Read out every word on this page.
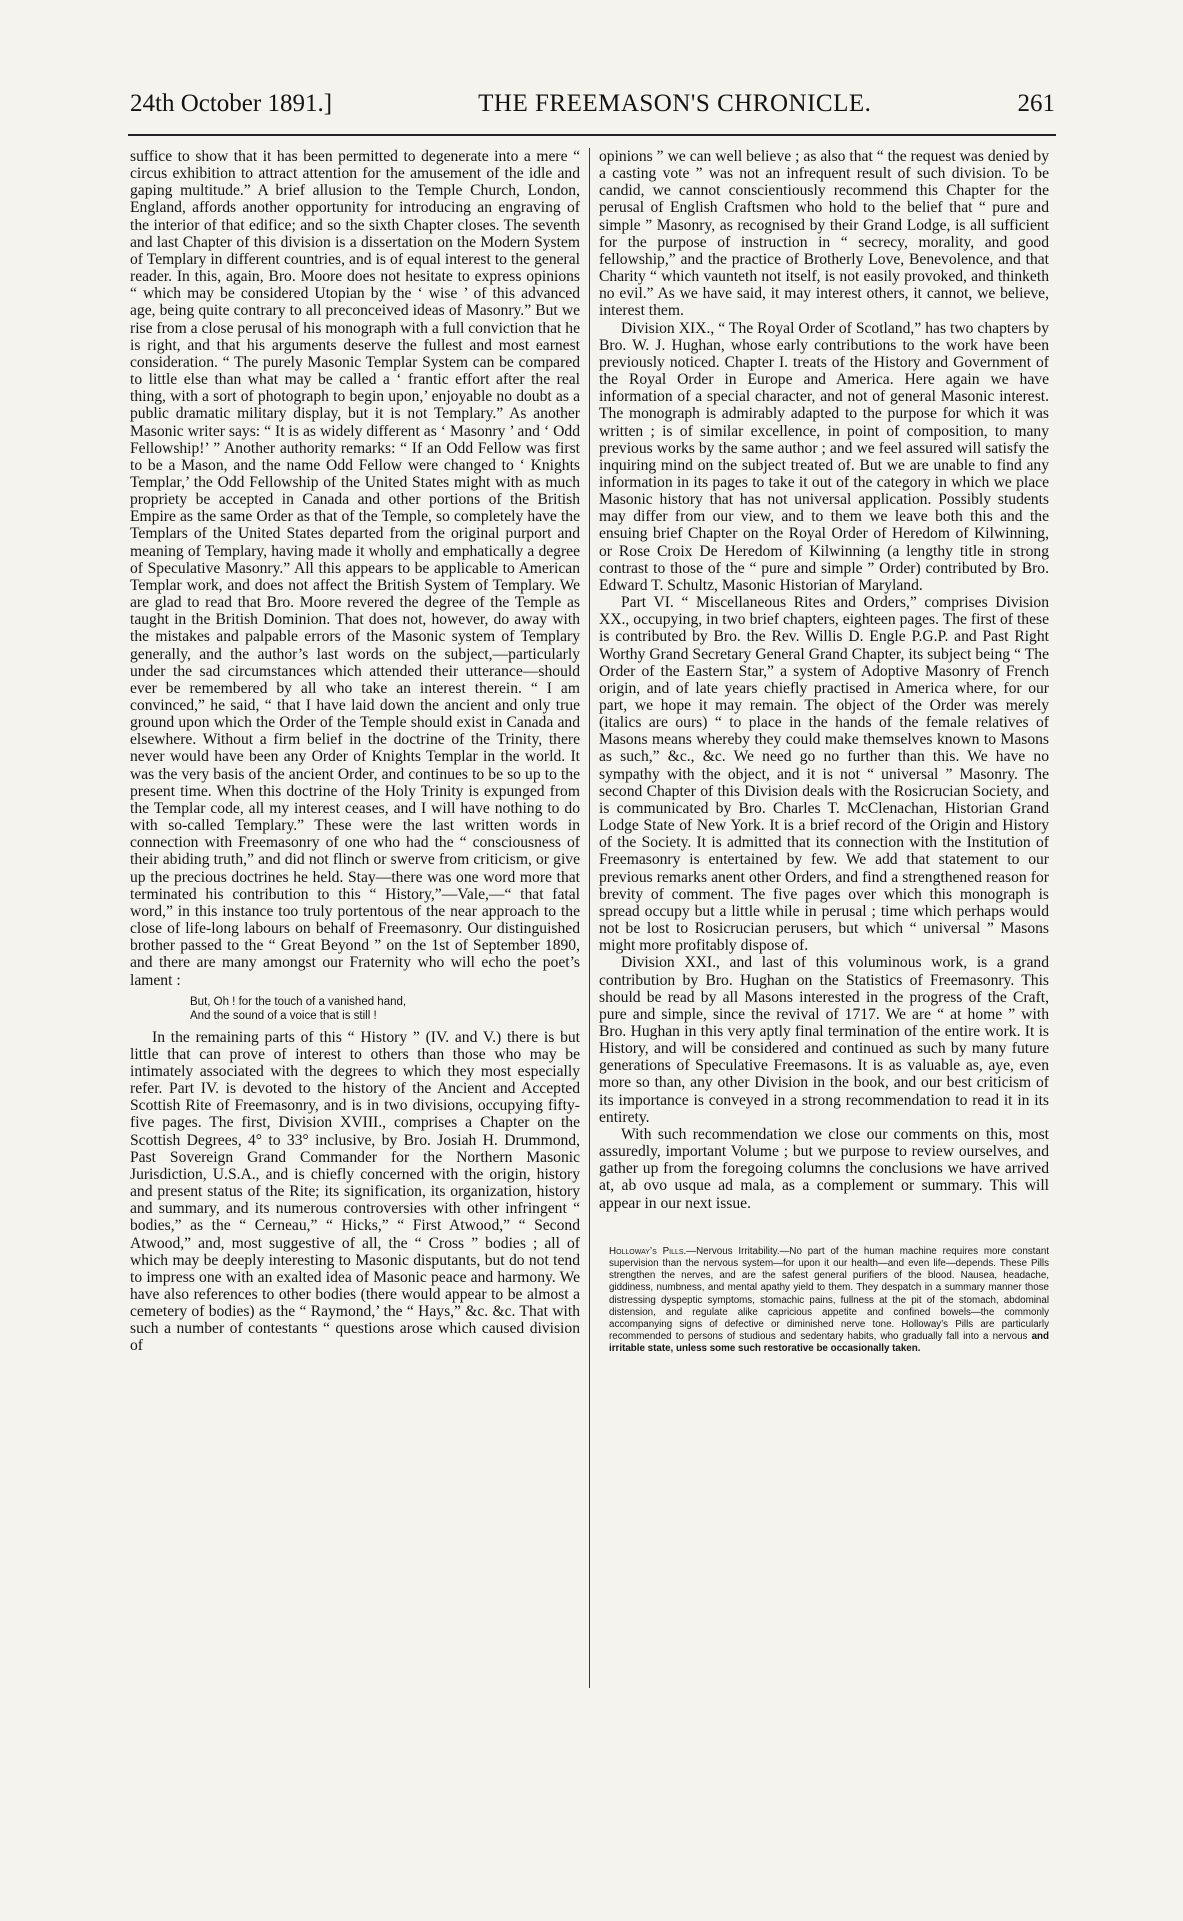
24th October 1891.]	THE FREEMASON'S CHRONICLE.	261

suffice to show that it has been permitted to degenerate into a mere “ circus exhibition to attract attention for the amusement of the idle and gaping multitude.” A brief allusion to the Temple Church, London, England, affords another opportunity for introducing an engraving of the interior of that edifice; and so the sixth Chapter closes. The seventh and last Chapter of this division is a dissertation on the Modern System of Templary in different countries, and is of equal interest to the general reader. In this, again, Bro. Moore does not hesitate to express opinions “ which may be considered Utopian by the ‘ wise ’ of this advanced age, being quite contrary to all preconceived ideas of Masonry.” But we rise from a close perusal of his monograph with a full conviction that he is right, and that his arguments deserve the fullest and most earnest consideration. “ The purely Masonic Templar System can be compared to little else than what may be called a ‘ frantic effort after the real thing, with a sort of photograph to begin upon,’ enjoyable no doubt as a public dramatic military display, but it is not Templary.” As another Masonic writer says: “ It is as widely different as ‘ Masonry ’ and ‘ Odd Fellowship!’ ” Another authority remarks: “ If an Odd Fellow was first to be a Mason, and the name Odd Fellow were changed to ‘ Knights Templar,’ the Odd Fellowship of the United States might with as much propriety be accepted in Canada and other portions of the British Empire as the same Order as that of the Temple, so completely have the Templars of the United States departed from the original purport and meaning of Templary, having made it wholly and emphatically a degree of Speculative Masonry.” All this appears to be applicable to American Templar work, and does not affect the British System of Templary. We are glad to read that Bro. Moore revered the degree of the Temple as taught in the British Dominion. That does not, however, do away with the mistakes and palpable errors of the Masonic system of Templary generally, and the author’s last words on the subject,—particularly under the sad circumstances which attended their utterance—should ever be remembered by all who take an interest therein. “ I am convinced,” he said, “ that I have laid down the ancient and only true ground upon which the Order of the Temple should exist in Canada and elsewhere. Without a firm belief in the doctrine of the Trinity, there never would have been any Order of Knights Templar in the world. It was the very basis of the ancient Order, and continues to be so up to the present time. When this doctrine of the Holy Trinity is expunged from the Templar code, all my interest ceases, and I will have nothing to do with so-called Templary.” These were the last written words in connection with Freemasonry of one who had the “ consciousness of their abiding truth,” and did not flinch or swerve from criticism, or give up the precious doctrines he held. Stay—there was one word more that terminated his contribution to this “ History,”—Vale,—“ that fatal word,” in this instance too truly portentous of the near approach to the close of life-long labours on behalf of Freemasonry. Our distinguished brother passed to the “ Great Beyond ” on the 1st of September 1890, and there are many amongst our Fraternity who will echo the poet’s lament :

But, Oh ! for the touch of a vanished hand,
And the sound of a voice that is still !

In the remaining parts of this “ History ” (IV. and V.) there is but little that can prove of interest to others than those who may be intimately associated with the degrees to which they most especially refer. Part IV. is devoted to the history of the Ancient and Accepted Scottish Rite of Freemasonry, and is in two divisions, occupying fifty-five pages. The first, Division XVIII., comprises a Chapter on the Scottish Degrees, 4° to 33° inclusive, by Bro. Josiah H. Drummond, Past Sovereign Grand Commander for the Northern Masonic Jurisdiction, U.S.A., and is chiefly concerned with the origin, history and present status of the Rite; its signification, its organization, history and summary, and its numerous controversies with other infringent “ bodies,” as the “ Cerneau,” “ Hicks,” “ First Atwood,” “ Second Atwood,” and, most suggestive of all, the “ Cross ” bodies ; all of which may be deeply interesting to Masonic disputants, but do not tend to impress one with an exalted idea of Masonic peace and harmony. We have also references to other bodies (there would appear to be almost a cemetery of bodies) as the “ Raymond,’ the “ Hays,” &c. &c. That with such a number of contestants “ questions arose which caused division of

opinions ” we can well believe ; as also that “ the request was denied by a casting vote ” was not an infrequent result of such division. To be candid, we cannot conscientiously recommend this Chapter for the perusal of English Craftsmen who hold to the belief that “ pure and simple ” Masonry, as recognised by their Grand Lodge, is all sufficient for the purpose of instruction in “ secrecy, morality, and good fellowship,” and the practice of Brotherly Love, Benevolence, and that Charity “ which vaunteth not itself, is not easily provoked, and thinketh no evil.” As we have said, it may interest others, it cannot, we believe, interest them.

Division XIX., “ The Royal Order of Scotland,” has two chapters by Bro. W. J. Hughan, whose early contributions to the work have been previously noticed. Chapter I. treats of the History and Government of the Royal Order in Europe and America. Here again we have information of a special character, and not of general Masonic interest. The monograph is admirably adapted to the purpose for which it was written ; is of similar excellence, in point of composition, to many previous works by the same author ; and we feel assured will satisfy the inquiring mind on the subject treated of. But we are unable to find any information in its pages to take it out of the category in which we place Masonic history that has not universal application. Possibly students may differ from our view, and to them we leave both this and the ensuing brief Chapter on the Royal Order of Heredom of Kilwinning, or Rose Croix De Heredom of Kilwinning (a lengthy title in strong contrast to those of the “ pure and simple ” Order) contributed by Bro. Edward T. Schultz, Masonic Historian of Maryland.

Part VI. “ Miscellaneous Rites and Orders,” comprises Division XX., occupying, in two brief chapters, eighteen pages. The first of these is contributed by Bro. the Rev. Willis D. Engle P.G.P. and Past Right Worthy Grand Secretary General Grand Chapter, its subject being “ The Order of the Eastern Star,” a system of Adoptive Masonry of French origin, and of late years chiefly practised in America where, for our part, we hope it may remain. The object of the Order was merely (italics are ours) “ to place in the hands of the female relatives of Masons means whereby they could make themselves known to Masons as such,” &c., &c. We need go no further than this. We have no sympathy with the object, and it is not “ universal ” Masonry. The second Chapter of this Division deals with the Rosicrucian Society, and is communicated by Bro. Charles T. McClenachan, Historian Grand Lodge State of New York. It is a brief record of the Origin and History of the Society. It is admitted that its connection with the Institution of Freemasonry is entertained by few. We add that statement to our previous remarks anent other Orders, and find a strengthened reason for brevity of comment. The five pages over which this monograph is spread occupy but a little while in perusal ; time which perhaps would not be lost to Rosicrucian perusers, but which “ universal ” Masons might more profitably dispose of.

Division XXI., and last of this voluminous work, is a grand contribution by Bro. Hughan on the Statistics of Freemasonry. This should be read by all Masons interested in the progress of the Craft, pure and simple, since the revival of 1717. We are “ at home ” with Bro. Hughan in this very aptly final termination of the entire work. It is History, and will be considered and continued as such by many future generations of Speculative Freemasons. It is as valuable as, aye, even more so than, any other Division in the book, and our best criticism of its importance is conveyed in a strong recommendation to read it in its entirety.

With such recommendation we close our comments on this, most assuredly, important Volume ; but we purpose to review ourselves, and gather up from the foregoing columns the conclusions we have arrived at, ab ovo usque ad mala, as a complement or summary. This will appear in our next issue.

Holloway’s Pills.—Nervous Irritability.—No part of the human machine requires more constant supervision than the nervous system—for upon it our health—and even life—depends. These Pills strengthen the nerves, and are the safest general purifiers of the blood. Nausea, headache, giddiness, numbness, and mental apathy yield to them. They despatch in a summary manner those distressing dyspeptic symptoms, stomachic pains, fullness at the pit of the stomach, abdominal distension, and regulate alike capricious appetite and confined bowels—the commonly accompanying signs of defective or diminished nerve tone. Holloway’s Pills are particularly recommended to persons of studious and sedentary habits, who gradually fall into a nervous and irritable state, unless some such restorative be occasionally taken.
